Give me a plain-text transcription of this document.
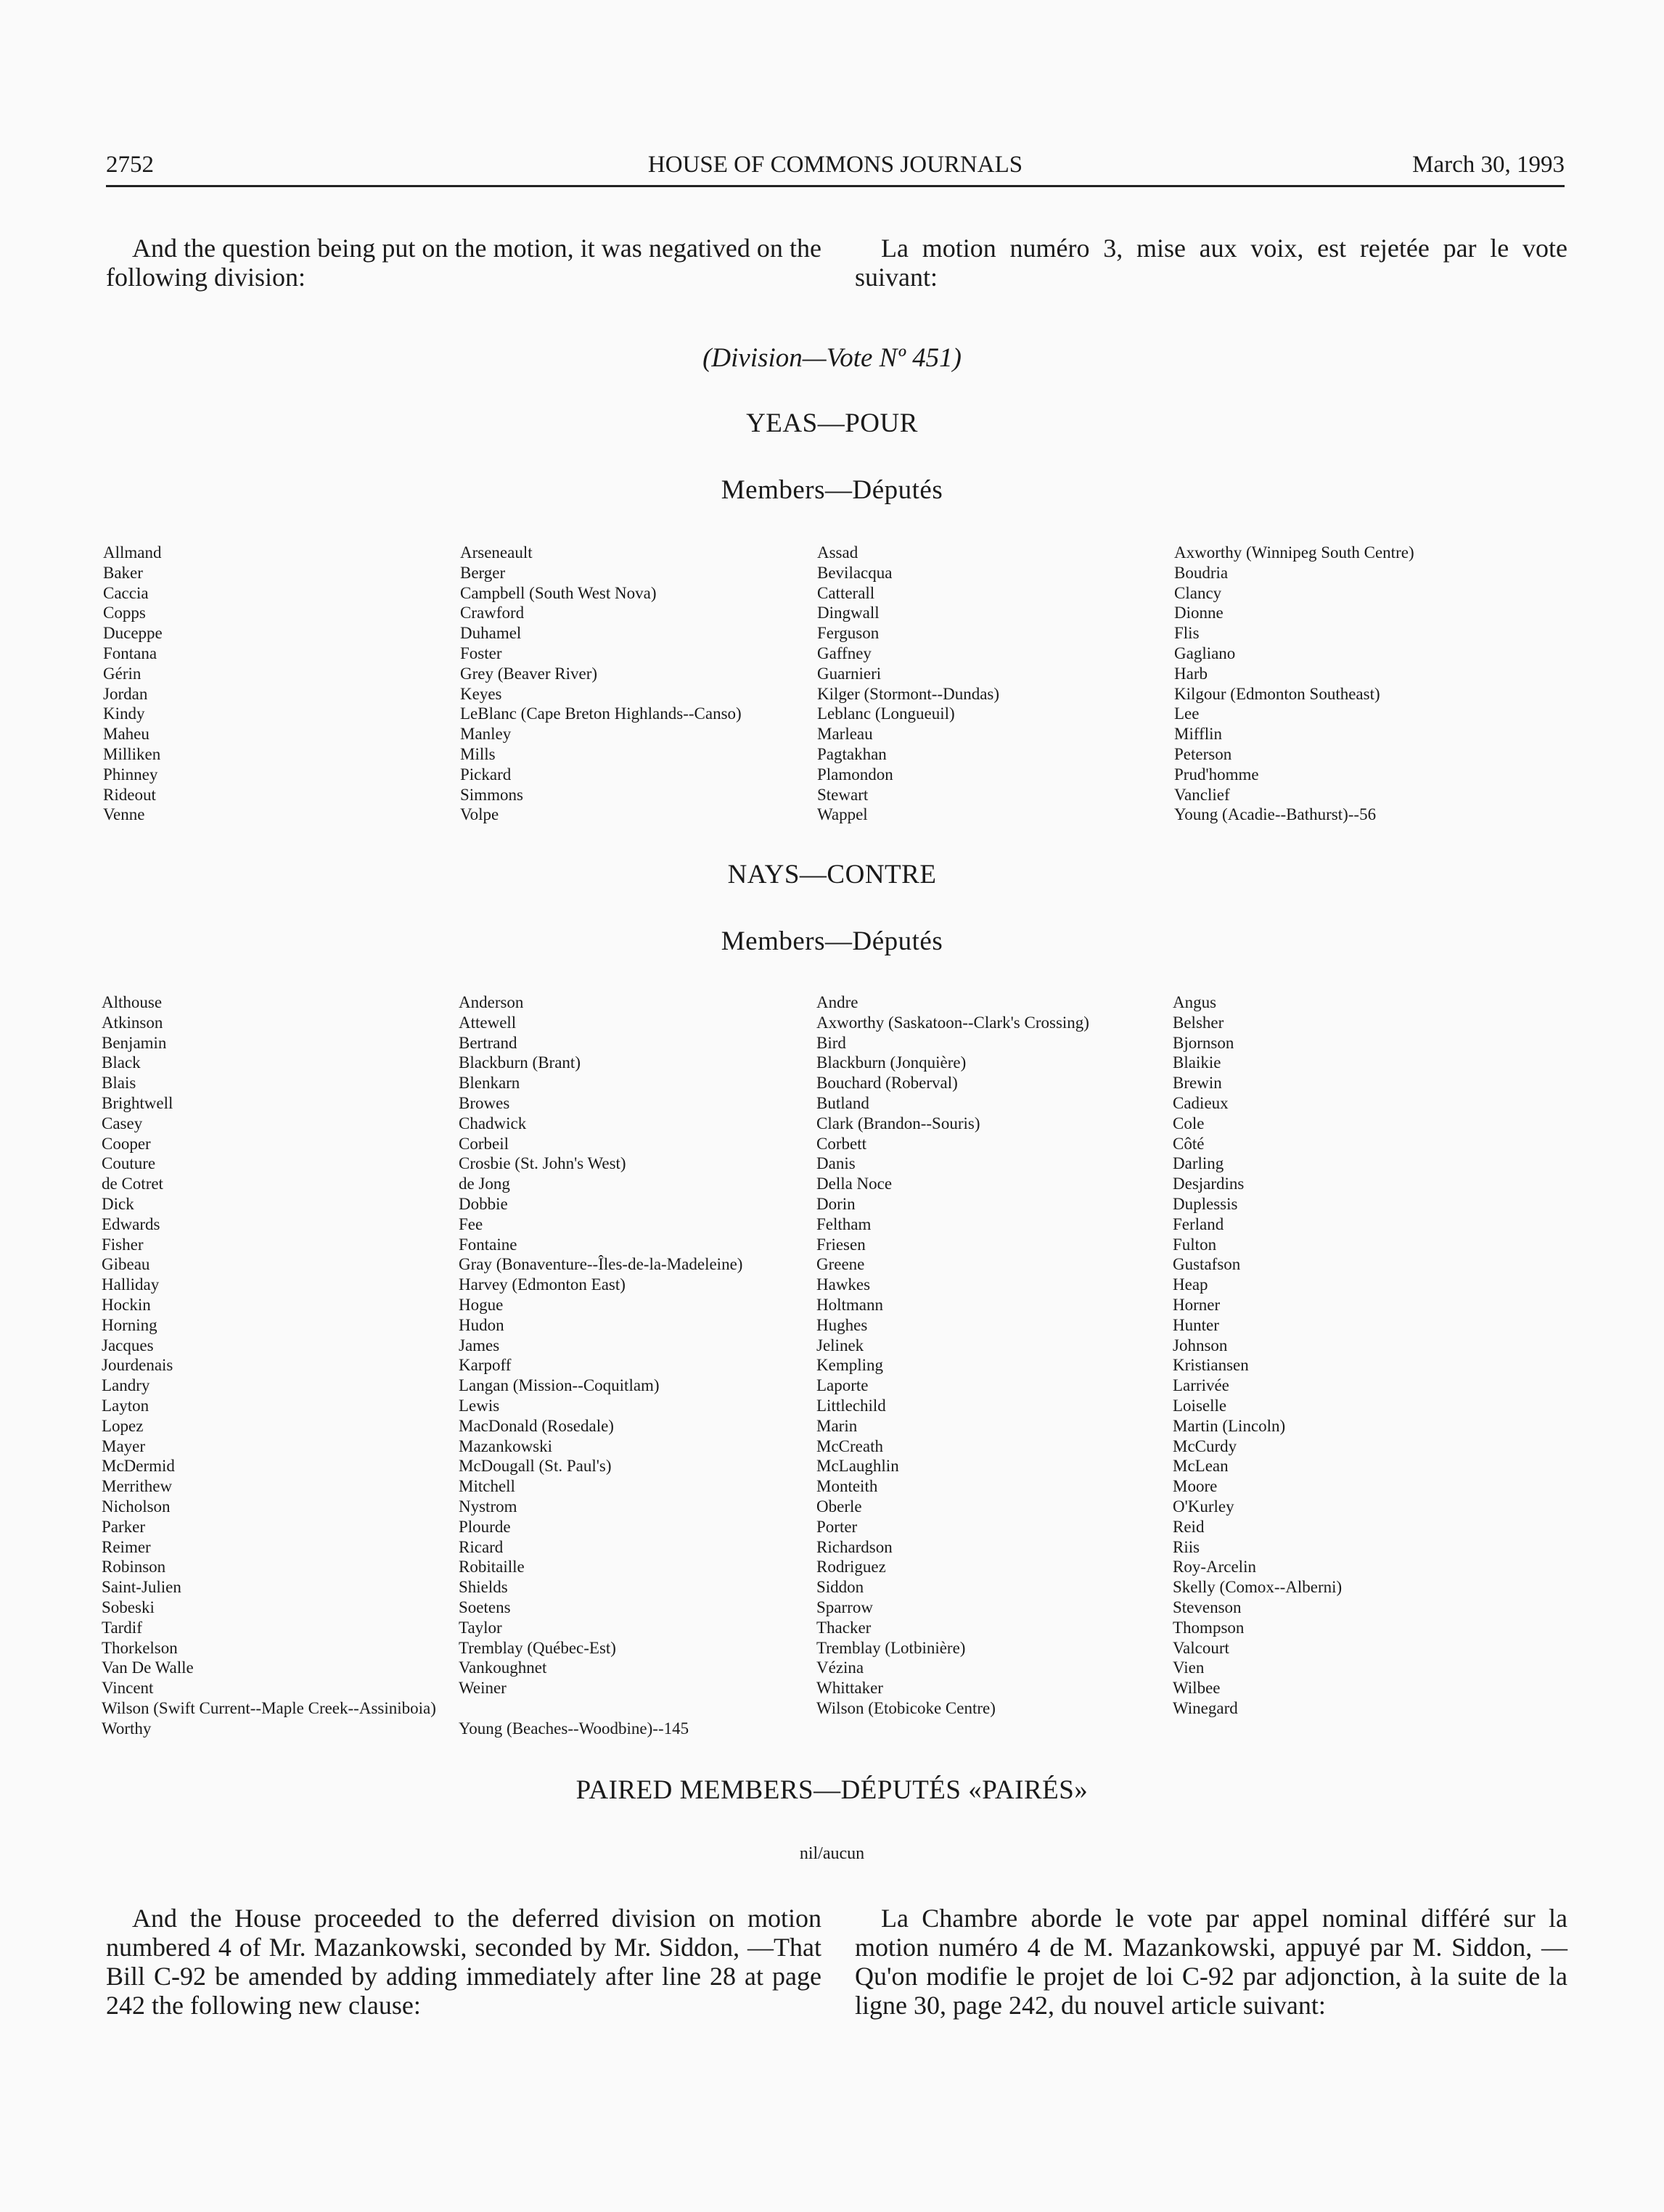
2752	HOUSE OF COMMONS JOURNALS	March 30, 1993

And the question being put on the motion, it was negatived on the following division:

La motion numéro 3, mise aux voix, est rejetée par le vote suivant:

(Division—Vote Nº 451)
YEAS—POUR
Members—Députés
Allmand
Baker
Caccia
Copps
Duceppe
Fontana
Gérin
Jordan
Kindy
Maheu
Milliken
Phinney
Rideout
Venne
Arseneault
Berger
Campbell (South West Nova)
Crawford
Duhamel
Foster
Grey (Beaver River)
Keyes
LeBlanc (Cape Breton Highlands--Canso)
Manley
Mills
Pickard
Simmons
Volpe
Assad
Bevilacqua
Catterall
Dingwall
Ferguson
Gaffney
Guarnieri
Kilger (Stormont--Dundas)
Leblanc (Longueuil)
Marleau
Pagtakhan
Plamondon
Stewart
Wappel
Axworthy (Winnipeg South Centre)
Boudria
Clancy
Dionne
Flis
Gagliano
Harb
Kilgour (Edmonton Southeast)
Lee
Mifflin
Peterson
Prud'homme
Vanclief
Young (Acadie--Bathurst)--56
NAYS—CONTRE
Members—Députés
Althouse
Atkinson
Benjamin
Black
Blais
Brightwell
Casey
Cooper
Couture
de Cotret
Dick
Edwards
Fisher
Gibeau
Halliday
Hockin
Horning
Jacques
Jourdenais
Landry
Layton
Lopez
Mayer
McDermid
Merrithew
Nicholson
Parker
Reimer
Robinson
Saint-Julien
Sobeski
Tardif
Thorkelson
Van De Walle
Vincent
Wilson (Swift Current--Maple Creek--Assiniboia)
Worthy
Anderson
Attewell
Bertrand
Blackburn (Brant)
Blenkarn
Browes
Chadwick
Corbeil
Crosbie (St. John's West)
de Jong
Dobbie
Fee
Fontaine
Gray (Bonaventure--Îles-de-la-Madeleine)
Harvey (Edmonton East)
Hogue
Hudon
James
Karpoff
Langan (Mission--Coquitlam)
Lewis
MacDonald (Rosedale)
Mazankowski
McDougall (St. Paul's)
Mitchell
Nystrom
Plourde
Ricard
Robitaille
Shields
Soetens
Taylor
Tremblay (Québec-Est)
Vankoughnet
Weiner

Young (Beaches--Woodbine)--145
Andre
Axworthy (Saskatoon--Clark's Crossing)
Bird
Blackburn (Jonquière)
Bouchard (Roberval)
Butland
Clark (Brandon--Souris)
Corbett
Danis
Della Noce
Dorin
Feltham
Friesen
Greene
Hawkes
Holtmann
Hughes
Jelinek
Kempling
Laporte
Littlechild
Marin
McCreath
McLaughlin
Monteith
Oberle
Porter
Richardson
Rodriguez
Siddon
Sparrow
Thacker
Tremblay (Lotbinière)
Vézina
Whittaker
Wilson (Etobicoke Centre)
Angus
Belsher
Bjornson
Blaikie
Brewin
Cadieux
Cole
Côté
Darling
Desjardins
Duplessis
Ferland
Fulton
Gustafson
Heap
Horner
Hunter
Johnson
Kristiansen
Larrivée
Loiselle
Martin (Lincoln)
McCurdy
McLean
Moore
O'Kurley
Reid
Riis
Roy-Arcelin
Skelly (Comox--Alberni)
Stevenson
Thompson
Valcourt
Vien
Wilbee
Winegard
PAIRED MEMBERS—DÉPUTÉS «PAIRÉS»
nil/aucun

And the House proceeded to the deferred division on motion numbered 4 of Mr. Mazankowski, seconded by Mr. Siddon, —That Bill C-92 be amended by adding immediately after line 28 at page 242 the following new clause:

La Chambre aborde le vote par appel nominal différé sur la motion numéro 4 de M. Mazankowski, appuyé par M. Siddon, —Qu'on modifie le projet de loi C-92 par adjonction, à la suite de la ligne 30, page 242, du nouvel article suivant:
